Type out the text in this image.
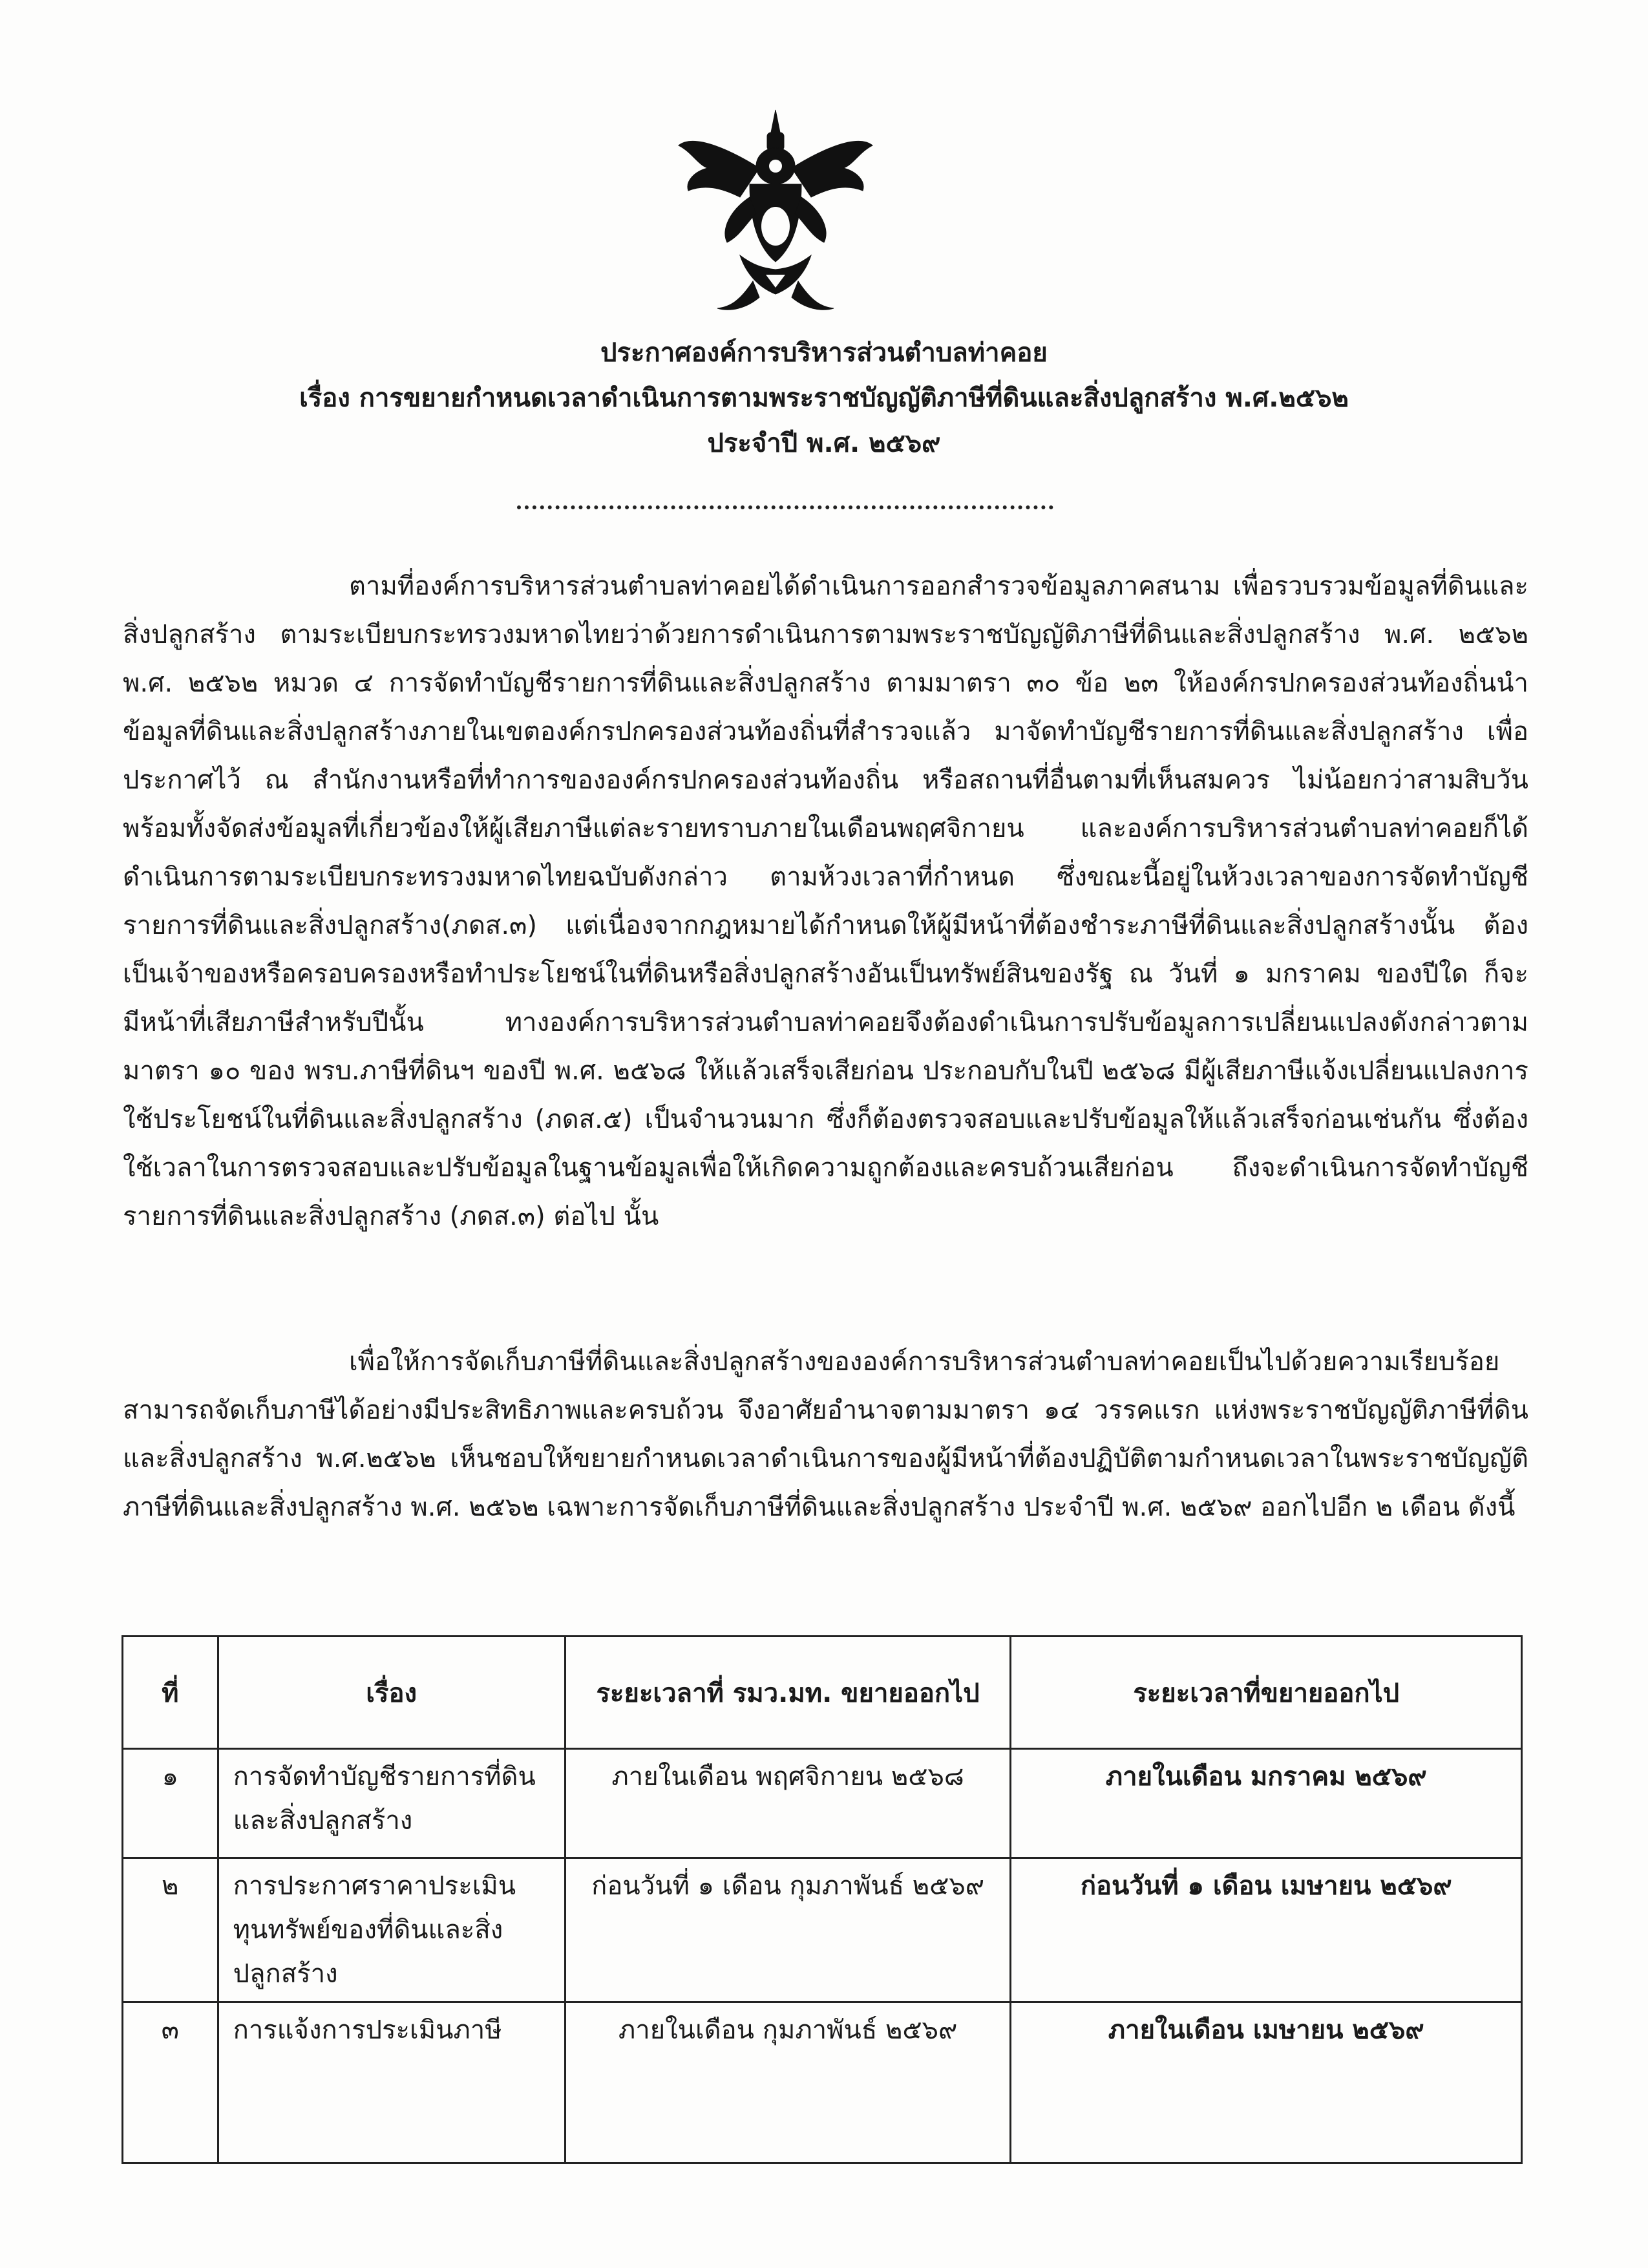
ประกาศองค์การบริหารส่วนตำบลท่าคอย
เรื่อง การขยายกำหนดเวลาดำเนินการตามพระราชบัญญัติภาษีที่ดินและสิ่งปลูกสร้าง พ.ศ.๒๕๖๒
ประจำปี พ.ศ. ๒๕๖๙

ตามที่องค์การบริหารส่วนตำบลท่าคอยได้ดำเนินการออกสำรวจข้อมูลภาคสนาม เพื่อรวบรวมข้อมูลที่ดินและสิ่งปลูกสร้าง ตามระเบียบกระทรวงมหาดไทยว่าด้วยการดำเนินการตามพระราชบัญญัติภาษีที่ดินและสิ่งปลูกสร้าง พ.ศ. ๒๕๖๒ พ.ศ. ๒๕๖๒ หมวด ๔ การจัดทำบัญชีรายการที่ดินและสิ่งปลูกสร้าง ตามมาตรา ๓๐ ข้อ ๒๓ ให้องค์กรปกครองส่วนท้องถิ่นนำข้อมูลที่ดินและสิ่งปลูกสร้างภายในเขตองค์กรปกครองส่วนท้องถิ่นที่สำรวจแล้ว มาจัดทำบัญชีรายการที่ดินและสิ่งปลูกสร้าง เพื่อประกาศไว้ ณ สำนักงานหรือที่ทำการขององค์กรปกครองส่วนท้องถิ่น หรือสถานที่อื่นตามที่เห็นสมควร ไม่น้อยกว่าสามสิบวัน พร้อมทั้งจัดส่งข้อมูลที่เกี่ยวข้องให้ผู้เสียภาษีแต่ละรายทราบภายในเดือนพฤศจิกายน และองค์การบริหารส่วนตำบลท่าคอยก็ได้ดำเนินการตามระเบียบกระทรวงมหาดไทยฉบับดังกล่าว ตามห้วงเวลาที่กำหนด ซึ่งขณะนี้อยู่ในห้วงเวลาของการจัดทำบัญชีรายการที่ดินและสิ่งปลูกสร้าง(ภดส.๓) แต่เนื่องจากกฎหมายได้กำหนดให้ผู้มีหน้าที่ต้องชำระภาษีที่ดินและสิ่งปลูกสร้างนั้น ต้องเป็นเจ้าของหรือครอบครองหรือทำประโยชน์ในที่ดินหรือสิ่งปลูกสร้างอันเป็นทรัพย์สินของรัฐ ณ วันที่ ๑ มกราคม ของปีใด ก็จะมีหน้าที่เสียภาษีสำหรับปีนั้น ทางองค์การบริหารส่วนตำบลท่าคอยจึงต้องดำเนินการปรับข้อมูลการเปลี่ยนแปลงดังกล่าวตาม มาตรา ๑๐ ของ พรบ.ภาษีที่ดินฯ ของปี พ.ศ. ๒๕๖๘ ให้แล้วเสร็จเสียก่อน ประกอบกับในปี ๒๕๖๘ มีผู้เสียภาษีแจ้งเปลี่ยนแปลงการใช้ประโยชน์ในที่ดินและสิ่งปลูกสร้าง (ภดส.๕) เป็นจำนวนมาก ซึ่งก็ต้องตรวจสอบและปรับข้อมูลให้แล้วเสร็จก่อนเช่นกัน ซึ่งต้องใช้เวลาในการตรวจสอบและปรับข้อมูลในฐานข้อมูลเพื่อให้เกิดความถูกต้องและครบถ้วนเสียก่อน ถึงจะดำเนินการจัดทำบัญชีรายการที่ดินและสิ่งปลูกสร้าง (ภดส.๓) ต่อไป นั้น

เพื่อให้การจัดเก็บภาษีที่ดินและสิ่งปลูกสร้างขององค์การบริหารส่วนตำบลท่าคอยเป็นไปด้วยความเรียบร้อย สามารถจัดเก็บภาษีได้อย่างมีประสิทธิภาพและครบถ้วน จึงอาศัยอำนาจตามมาตรา ๑๔ วรรคแรก แห่งพระราชบัญญัติภาษีที่ดินและสิ่งปลูกสร้าง พ.ศ.๒๕๖๒ เห็นชอบให้ขยายกำหนดเวลาดำเนินการของผู้มีหน้าที่ต้องปฏิบัติตามกำหนดเวลาในพระราชบัญญัติภาษีที่ดินและสิ่งปลูกสร้าง พ.ศ. ๒๕๖๒ เฉพาะการจัดเก็บภาษีที่ดินและสิ่งปลูกสร้าง ประจำปี พ.ศ. ๒๕๖๙ ออกไปอีก ๒ เดือน ดังนี้

ที่	เรื่อง	ระยะเวลาที่ รมว.มท. ขยายออกไป	ระยะเวลาที่ขยายออกไป
๑	การจัดทำบัญชีรายการที่ดินและสิ่งปลูกสร้าง	ภายในเดือน พฤศจิกายน ๒๕๖๘	ภายในเดือน มกราคม ๒๕๖๙
๒	การประกาศราคาประเมินทุนทรัพย์ของที่ดินและสิ่งปลูกสร้าง	ก่อนวันที่ ๑ เดือน กุมภาพันธ์ ๒๕๖๙	ก่อนวันที่ ๑ เดือน เมษายน ๒๕๖๙
๓	การแจ้งการประเมินภาษี	ภายในเดือน กุมภาพันธ์ ๒๕๖๙	ภายในเดือน เมษายน ๒๕๖๙
